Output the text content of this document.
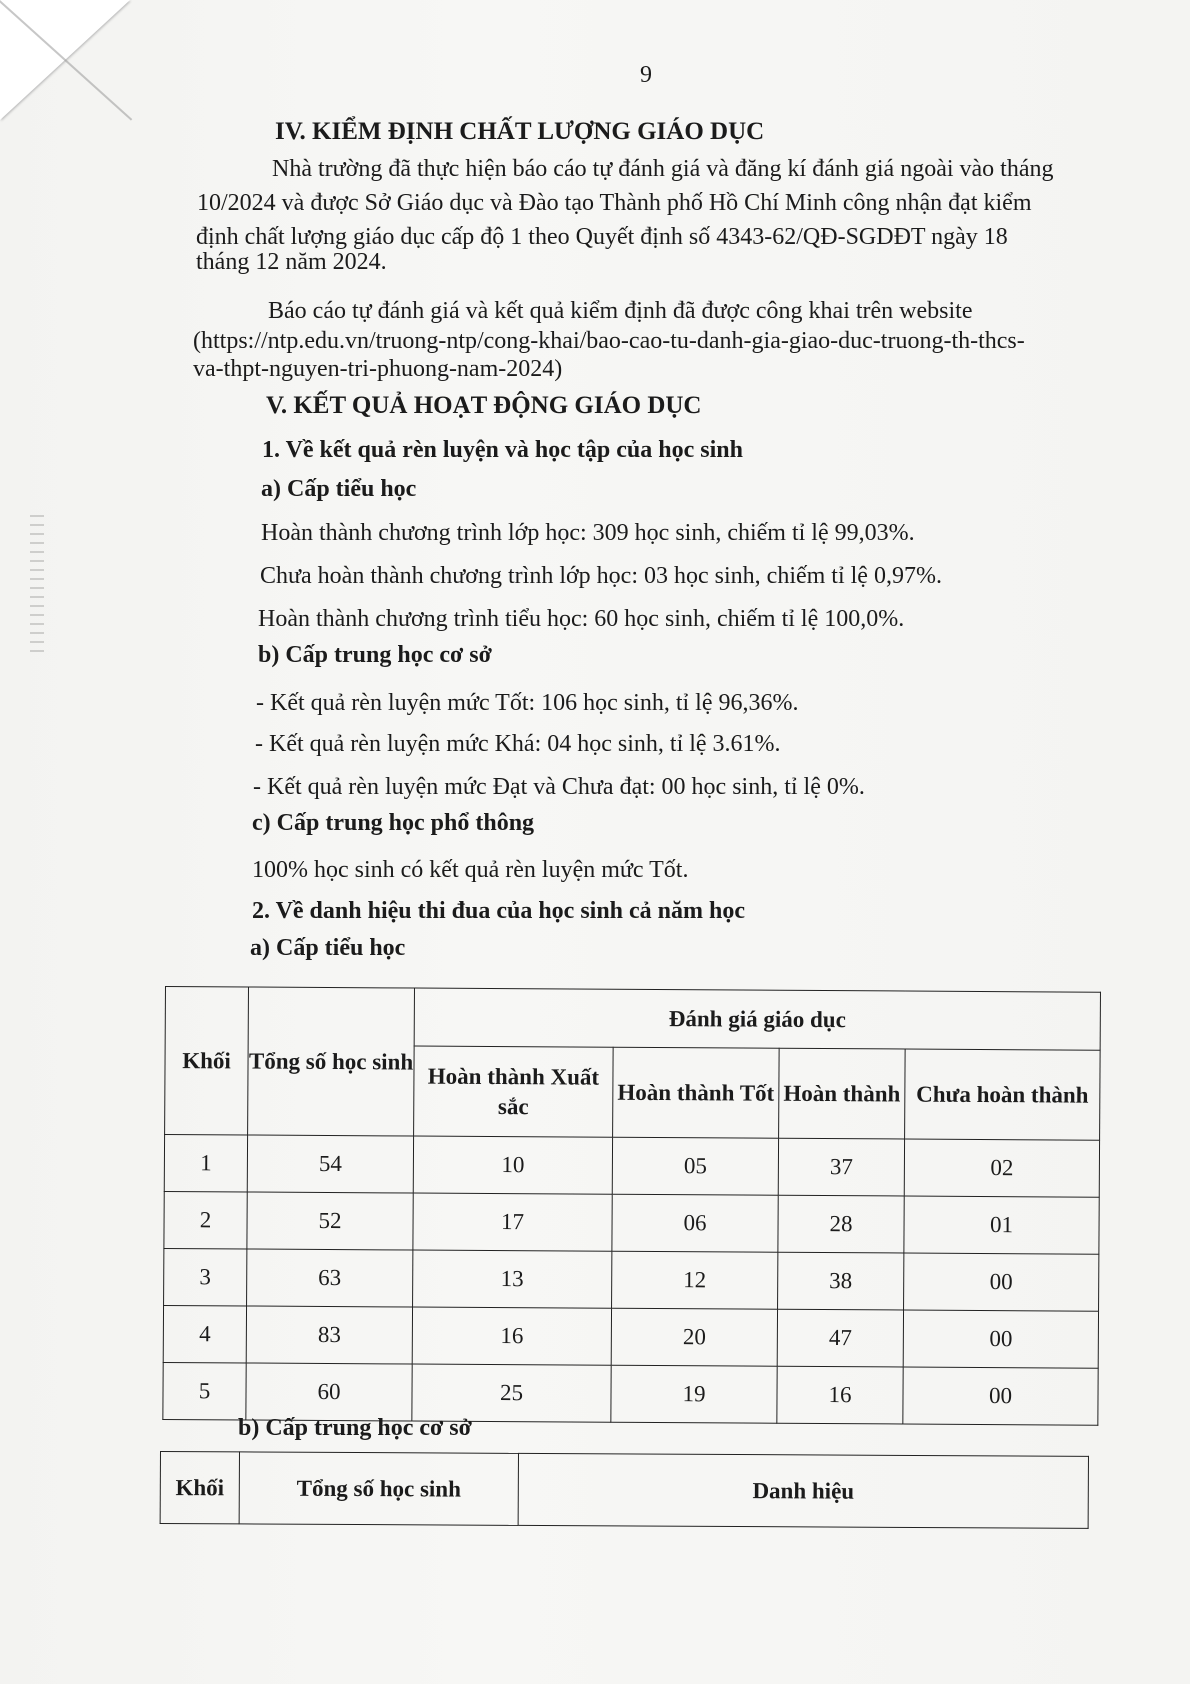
9
IV. KIỂM ĐỊNH CHẤT LƯỢNG GIÁO DỤC
Nhà trường đã thực hiện báo cáo tự đánh giá và đăng kí đánh giá ngoài vào tháng
10/2024 và được Sở Giáo dục và Đào tạo Thành phố Hồ Chí Minh công nhận đạt kiểm
định chất lượng giáo dục cấp độ 1 theo Quyết định số 4343-62/QĐ-SGDĐT ngày 18
tháng 12 năm 2024.
Báo cáo tự đánh giá và kết quả kiểm định đã được công khai trên website
(https://ntp.edu.vn/truong-ntp/cong-khai/bao-cao-tu-danh-gia-giao-duc-truong-th-thcs-
va-thpt-nguyen-tri-phuong-nam-2024)
V. KẾT QUẢ HOẠT ĐỘNG GIÁO DỤC
1. Về kết quả rèn luyện và học tập của học sinh
a) Cấp tiểu học
Hoàn thành chương trình lớp học: 309 học sinh, chiếm tỉ lệ 99,03%.
Chưa hoàn thành chương trình lớp học: 03 học sinh, chiếm tỉ lệ 0,97%.
Hoàn thành chương trình tiểu học: 60 học sinh, chiếm tỉ lệ 100,0%.
b) Cấp trung học cơ sở
- Kết quả rèn luyện mức Tốt: 106 học sinh, tỉ lệ 96,36%.
- Kết quả rèn luyện mức Khá: 04 học sinh, tỉ lệ 3.61%.
- Kết quả rèn luyện mức Đạt và Chưa đạt: 00 học sinh, tỉ lệ 0%.
c) Cấp trung học phổ thông
100% học sinh có kết quả rèn luyện mức Tốt.
2. Về danh hiệu thi đua của học sinh cả năm học
a) Cấp tiểu học
Khối	Tổng số học sinh	Đánh giá giáo dục			
		Hoàn thành Xuất sắc	Hoàn thành Tốt	Hoàn thành	Chưa hoàn thành
1	54	10	05	37	02
2	52	17	06	28	01
3	63	13	12	38	00
4	83	16	20	47	00
5	60	25	19	16	00
b) Cấp trung học cơ sở
Khối	Tổng số học sinh	Danh hiệu
